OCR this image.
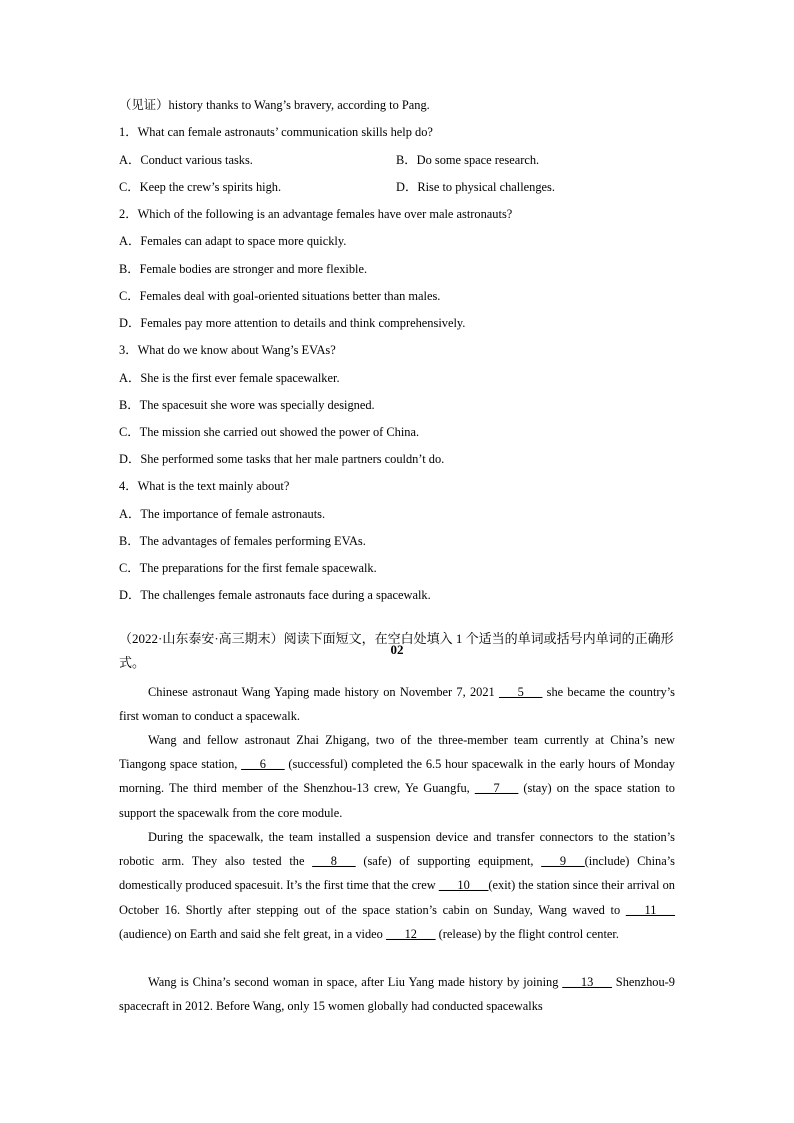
（见证）history thanks to Wang’s bravery, according to Pang.
1．What can female astronauts’ communication skills help do?
A．Conduct various tasks.	B．Do some space research.
C．Keep the crew’s spirits high.	D．Rise to physical challenges.
2．Which of the following is an advantage females have over male astronauts?
A．Females can adapt to space more quickly.
B．Female bodies are stronger and more flexible.
C．Females deal with goal-oriented situations better than males.
D．Females pay more attention to details and think comprehensively.
3．What do we know about Wang’s EVAs?
A．She is the first ever female spacewalker.
B．The spacesuit she wore was specially designed.
C．The mission she carried out showed the power of China.
D．She performed some tasks that her male partners couldn’t do.
4．What is the text mainly about?
A．The importance of female astronauts.
B．The advantages of females performing EVAs.
C．The preparations for the first female spacewalk.
D．The challenges female astronauts face during a spacewalk.
02
（2022·山东泰安·高三期末）阅读下面短文，在空白处填入 1 个适当的单词或括号内单词的正确形式。
Chinese astronaut Wang Yaping made history on November 7, 2021 ___5___ she became the country’s first woman to conduct a spacewalk.
Wang and fellow astronaut Zhai Zhigang, two of the three-member team currently at China’s new Tiangong space station, ___6___ (successful) completed the 6.5 hour spacewalk in the early hours of Monday morning. The third member of the Shenzhou-13 crew, Ye Guangfu, ___7___ (stay) on the space station to support the spacewalk from the core module.
During the spacewalk, the team installed a suspension device and transfer connectors to the station’s robotic arm. They also tested the ___8___ (safe) of supporting equipment, ___9___(include) China’s domestically produced spacesuit. It’s the first time that the crew ___10___(exit) the station since their arrival on October 16. Shortly after stepping out of the space station’s cabin on Sunday, Wang waved to ___11___ (audience) on Earth and said she felt great, in a video ___12___ (release) by the flight control center.
Wang is China’s second woman in space, after Liu Yang made history by joining ___13___ Shenzhou-9 spacecraft in 2012. Before Wang, only 15 women globally had conducted spacewalks
